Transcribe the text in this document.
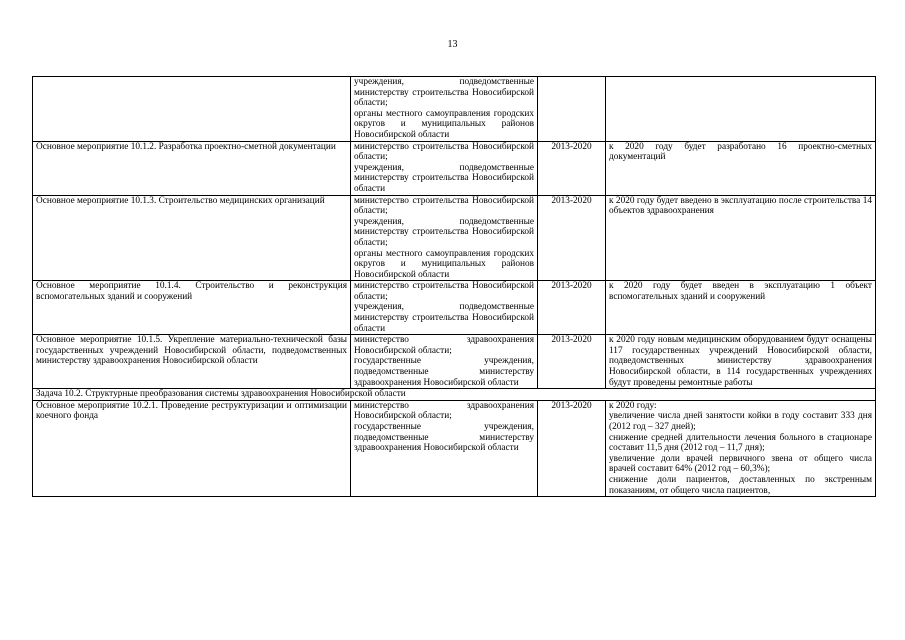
13

	учреждения, подведомственные министерству строительства Новосибирской области;
органы местного самоуправления городских округов и муниципальных районов Новосибирской области		

Основное мероприятие 10.1.2. Разработка проектно-сметной документации	министерство строительства Новосибирской области;
учреждения, подведомственные министерству строительства Новосибирской области	2013-2020	к 2020 году будет разработано 16 проектно-сметных документаций
Основное мероприятие 10.1.3. Строительство медицинских организаций	министерство строительства Новосибирской области;
учреждения, подведомственные министерству строительства Новосибирской области;
органы местного самоуправления городских округов и муниципальных районов Новосибирской области	2013-2020	к 2020 году будет введено в эксплуатацию после строительства 14 объектов здравоохранения
Основное мероприятие 10.1.4. Строительство и реконструкция вспомогательных зданий и сооружений	министерство строительства Новосибирской области;
учреждения, подведомственные министерству строительства Новосибирской области	2013-2020	к 2020 году будет введен в эксплуатацию 1 объект вспомогательных зданий и сооружений
Основное мероприятие 10.1.5. Укрепление материально-технической базы государственных учреждений Новосибирской области, подведомственных министерству здравоохранения Новосибирской области	министерство здравоохранения Новосибирской области;
государственные учреждения, подведомственные министерству здравоохранения Новосибирской области	2013-2020	к 2020 году новым медицинским оборудованием будут оснащены 117 государственных учреждений Новосибирской области, подведомственных министерству здравоохранения Новосибирской области, в 114 государственных учреждениях будут проведены ремонтные работы
Задача 10.2. Структурные преобразования системы здравоохранения Новосибирской области			
Основное мероприятие 10.2.1. Проведение реструктуризации и оптимизации коечного фонда	министерство здравоохранения Новосибирской области;
государственные учреждения, подведомственные министерству здравоохранения Новосибирской области	2013-2020	к 2020 году:
увеличение числа дней занятости койки в году составит 333 дня (2012 год – 327 дней);
снижение средней длительности лечения больного в стационаре составит 11,5 дня (2012 год – 11,7 дня);
увеличение доли врачей первичного звена от общего числа врачей составит 64% (2012 год – 60,3%);
снижение доли пациентов, доставленных по экстренным показаниям, от общего числа пациентов,
